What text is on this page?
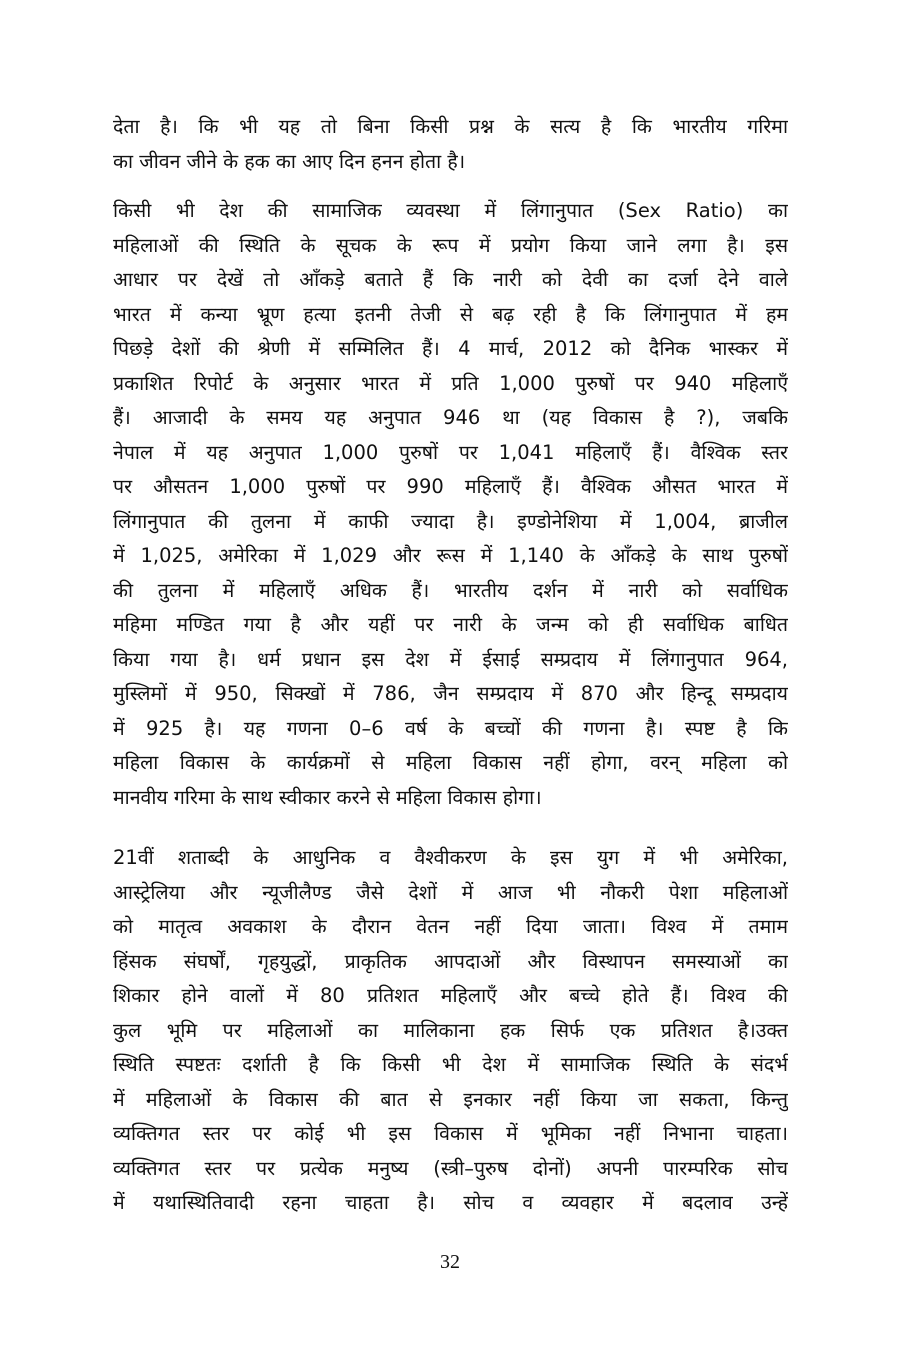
देता है। कि भी यह तो बिना किसी प्रश्न के सत्य है कि भारतीय गरिमा
का जीवन जीने के हक का आए दिन हनन होता है।
किसी भी देश की सामाजिक व्यवस्था में लिंगानुपात (Sex Ratio) का
महिलाओं की स्थिति के सूचक के रूप में प्रयोग किया जाने लगा है। इस
आधार पर देखें तो आँकड़े बताते हैं कि नारी को देवी का दर्जा देने वाले
भारत में कन्या भ्रूण हत्या इतनी तेजी से बढ़ रही है कि लिंगानुपात में हम
पिछड़े देशों की श्रेणी में सम्मिलित हैं। 4 मार्च, 2012 को दैनिक भास्कर में
प्रकाशित रिपोर्ट के अनुसार भारत में प्रति 1,000 पुरुषों पर 940 महिलाएँ
हैं। आजादी के समय यह अनुपात 946 था (यह विकास है ?), जबकि
नेपाल में यह अनुपात 1,000 पुरुषों पर 1,041 महिलाएँ हैं। वैश्विक स्तर
पर औसतन 1,000 पुरुषों पर 990 महिलाएँ हैं। वैश्विक औसत भारत में
लिंगानुपात की तुलना में काफी ज्यादा है। इण्डोनेशिया में 1,004, ब्राजील
में 1,025, अमेरिका में 1,029 और रूस में 1,140 के आँकड़े के साथ पुरुषों
की तुलना में महिलाएँ अधिक हैं। भारतीय दर्शन में नारी को सर्वाधिक
महिमा मण्डित गया है और यहीं पर नारी के जन्म को ही सर्वाधिक बाधित
किया गया है। धर्म प्रधान इस देश में ईसाई सम्प्रदाय में लिंगानुपात 964,
मुस्लिमों में 950, सिक्खों में 786, जैन सम्प्रदाय में 870 और हिन्दू सम्प्रदाय
में 925 है। यह गणना 0–6 वर्ष के बच्चों की गणना है। स्पष्ट है कि
महिला विकास के कार्यक्रमों से महिला विकास नहीं होगा, वरन् महिला को
मानवीय गरिमा के साथ स्वीकार करने से महिला विकास होगा।
21वीं शताब्दी के आधुनिक व वैश्वीकरण के इस युग में भी अमेरिका,
आस्ट्रेलिया और न्यूजीलैण्ड जैसे देशों में आज भी नौकरी पेशा महिलाओं
को मातृत्व अवकाश के दौरान वेतन नहीं दिया जाता। विश्व में तमाम
हिंसक संघर्षों, गृहयुद्धों, प्राकृतिक आपदाओं और विस्थापन समस्याओं का
शिकार होने वालों में 80 प्रतिशत महिलाएँ और बच्चे होते हैं। विश्व की
कुल भूमि पर महिलाओं का मालिकाना हक सिर्फ एक प्रतिशत है।उक्त
स्थिति स्पष्टतः दर्शाती है कि किसी भी देश में सामाजिक स्थिति के संदर्भ
में महिलाओं के विकास की बात से इनकार नहीं किया जा सकता, किन्तु
व्यक्तिगत स्तर पर कोई भी इस विकास में भूमिका नहीं निभाना चाहता।
व्यक्तिगत स्तर पर प्रत्येक मनुष्य (स्त्री–पुरुष दोनों) अपनी पारम्परिक सोच
में यथास्थितिवादी रहना चाहता है। सोच व व्यवहार में बदलाव उन्हें
32
